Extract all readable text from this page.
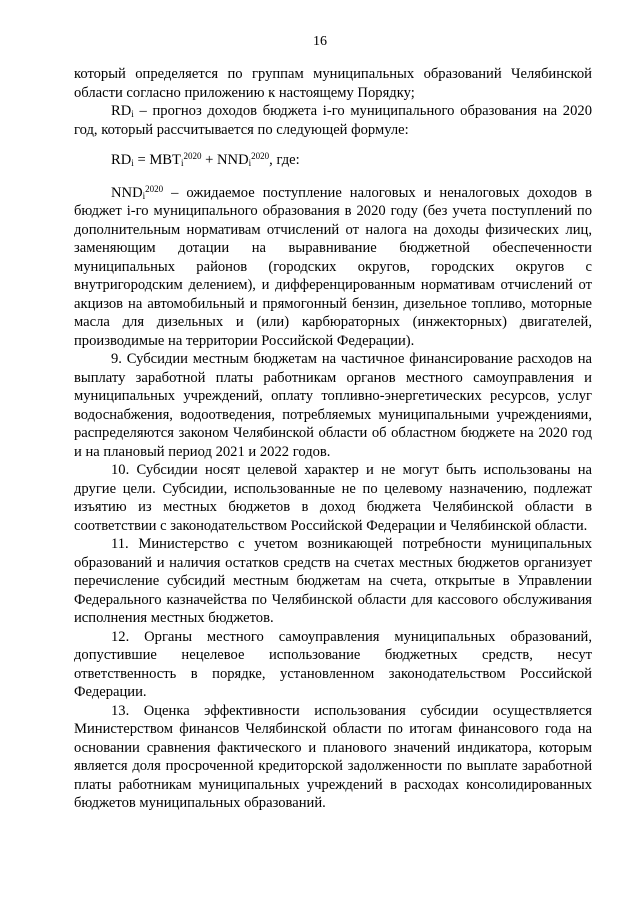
16

который определяется по группам муниципальных образований Челябинской области согласно приложению к настоящему Порядку;

$RD_i$ – прогноз доходов бюджета i-го муниципального образования на 2020 год, который рассчитывается по следующей формуле:

$RD_i = MBT_i^{2020} + NND_i^{2020}$, где:

$NND_i^{2020}$ – ожидаемое поступление налоговых и неналоговых доходов в бюджет i-го муниципального образования в 2020 году (без учета поступлений по дополнительным нормативам отчислений от налога на доходы физических лиц, заменяющим дотации на выравнивание бюджетной обеспеченности муниципальных районов (городских округов, городских округов с внутригородским делением), и дифференцированным нормативам отчислений от акцизов на автомобильный и прямогонный бензин, дизельное топливо, моторные масла для дизельных и (или) карбюраторных (инжекторных) двигателей, производимые на территории Российской Федерации).

9. Субсидии местным бюджетам на частичное финансирование расходов на выплату заработной платы работникам органов местного самоуправления и муниципальных учреждений, оплату топливно-энергетических ресурсов, услуг водоснабжения, водоотведения, потребляемых муниципальными учреждениями, распределяются законом Челябинской области об областном бюджете на 2020 год и на плановый период 2021 и 2022 годов.

10. Субсидии носят целевой характер и не могут быть использованы на другие цели. Субсидии, использованные не по целевому назначению, подлежат изъятию из местных бюджетов в доход бюджета Челябинской области в соответствии с законодательством Российской Федерации и Челябинской области.

11. Министерство с учетом возникающей потребности муниципальных образований и наличия остатков средств на счетах местных бюджетов организует перечисление субсидий местным бюджетам на счета, открытые в Управлении Федерального казначейства по Челябинской области для кассового обслуживания исполнения местных бюджетов.

12. Органы местного самоуправления муниципальных образований, допустившие нецелевое использование бюджетных средств, несут ответственность в порядке, установленном законодательством Российской Федерации.

13. Оценка эффективности использования субсидии осуществляется Министерством финансов Челябинской области по итогам финансового года на основании сравнения фактического и планового значений индикатора, которым является доля просроченной кредиторской задолженности по выплате заработной платы работникам муниципальных учреждений в расходах консолидированных бюджетов муниципальных образований.
